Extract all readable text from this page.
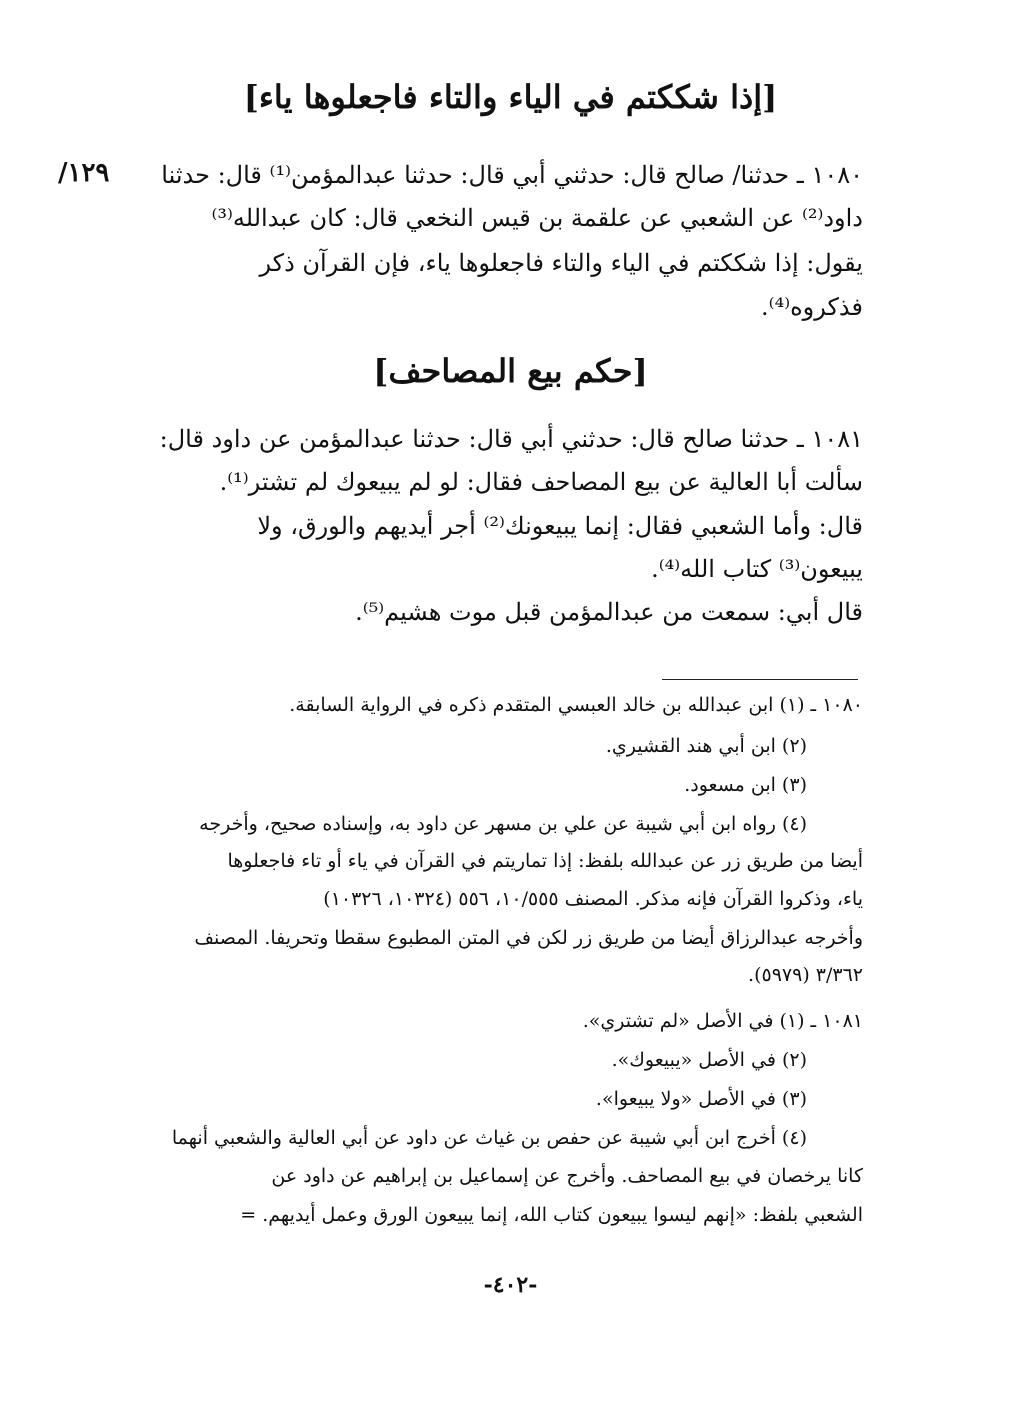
[إذا شككتم في الياء والتاء فاجعلوها ياء]
١٢٩/ ١٠٨٠ ـ حدثنا/ صالح قال: حدثني أبي قال: حدثنا عبدالمؤمن⁽¹⁾ قال: حدثنا
داود⁽²⁾ عن الشعبي عن علقمة بن قيس النخعي قال: كان عبدالله⁽³⁾
يقول: إذا شككتم في الياء والتاء فاجعلوها ياء، فإن القرآن ذكر
فذكروه⁽⁴⁾.
[حكم بيع المصاحف]
١٠٨١ ـ حدثنا صالح قال: حدثني أبي قال: حدثنا عبدالمؤمن عن داود قال:
سألت أبا العالية عن بيع المصاحف فقال: لو لم يبيعوك لم تشتر⁽¹⁾.
قال: وأما الشعبي فقال: إنما يبيعونك⁽²⁾ أجر أيديهم والورق، ولا
يبيعون⁽³⁾ كتاب الله⁽⁴⁾.
قال أبي: سمعت من عبدالمؤمن قبل موت هشيم⁽⁵⁾.
١٠٨٠ ـ (١) ابن عبدالله بن خالد العبسي المتقدم ذكره في الرواية السابقة.
(٢) ابن أبي هند القشيري.
(٣) ابن مسعود.
(٤) رواه ابن أبي شيبة عن علي بن مسهر عن داود به، وإسناده صحيح، وأخرجه
أيضا من طريق زر عن عبدالله بلفظ: إذا تماريتم في القرآن في ياء أو تاء فاجعلوها
ياء، وذكروا القرآن فإنه مذكر. المصنف ١٠/٥٥٥، ٥٥٦ (١٠٣٢٤، ١٠٣٢٦)
وأخرجه عبدالرزاق أيضا من طريق زر لكن في المتن المطبوع سقطا وتحريفا. المصنف
٣/٣٦٢ (٥٩٧٩).
١٠٨١ ـ (١) في الأصل «لم تشتري».
(٢) في الأصل «يبيعوك».
(٣) في الأصل «ولا يبيعوا».
(٤) أخرج ابن أبي شيبة عن حفص بن غياث عن داود عن أبي العالية والشعبي أنهما
كانا يرخصان في بيع المصاحف. وأخرج عن إسماعيل بن إبراهيم عن داود عن
الشعبي بلفظ: «إنهم ليسوا يبيعون كتاب الله، إنما يبيعون الورق وعمل أيديهم. =
-٤٠٢-
